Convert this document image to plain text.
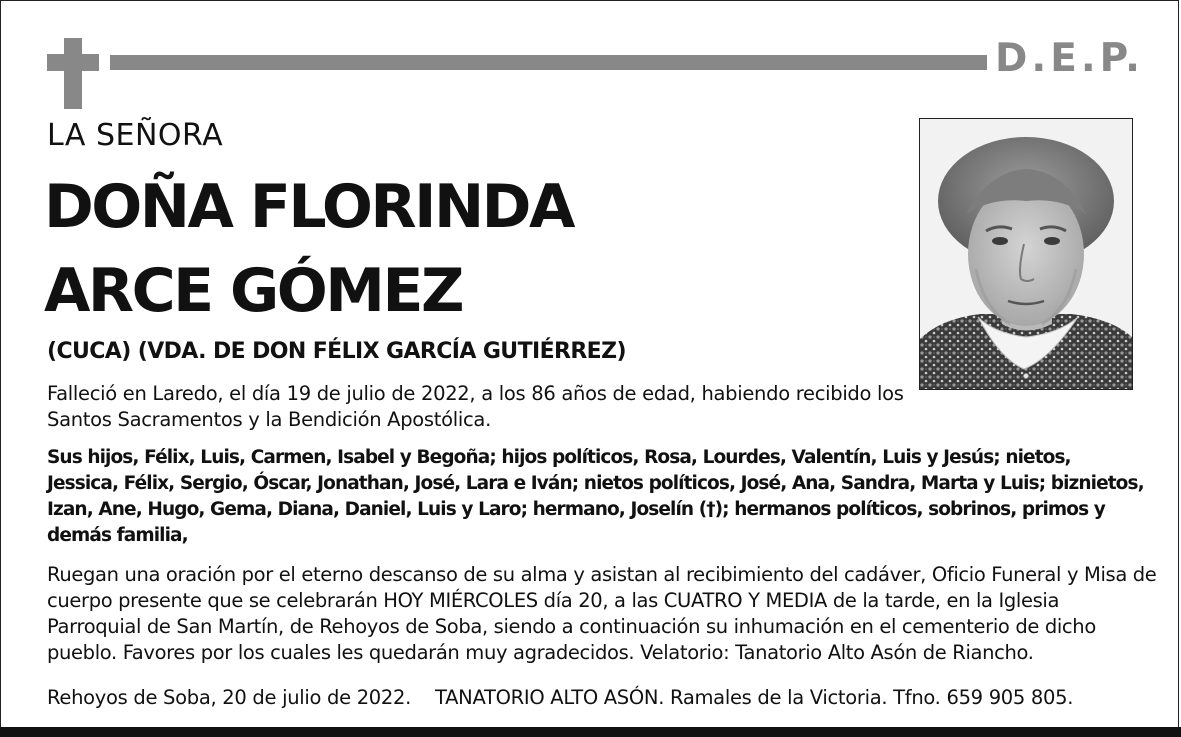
D.E.P.
LA SEÑORA
DOÑA FLORINDA
ARCE GÓMEZ
(CUCA) (VDA. DE DON FÉLIX GARCÍA GUTIÉRREZ)
Falleció en Laredo, el día 19 de julio de 2022, a los 86 años de edad, habiendo recibido los Santos Sacramentos y la Bendición Apostólica.
Sus hijos, Félix, Luis, Carmen, Isabel y Begoña; hijos políticos, Rosa, Lourdes, Valentín, Luis y Jesús; nietos, Jessica, Félix, Sergio, Óscar, Jonathan, José, Lara e Iván; nietos políticos, José, Ana, Sandra, Marta y Luis; biznietos, Izan, Ane, Hugo, Gema, Diana, Daniel, Luis y Laro; hermano, Joselín (†); hermanos políticos, sobrinos, primos y demás familia,
Ruegan una oración por el eterno descanso de su alma y asistan al recibimiento del cadáver, Oficio Funeral y Misa de cuerpo presente que se celebrarán HOY MIÉRCOLES día 20, a las CUATRO Y MEDIA de la tarde, en la Iglesia Parroquial de San Martín, de Rehoyos de Soba, siendo a continuación su inhumación en el cementerio de dicho pueblo. Favores por los cuales les quedarán muy agradecidos. Velatorio: Tanatorio Alto Asón de Riancho.
Rehoyos de Soba, 20 de julio de 2022. TANATORIO ALTO ASÓN. Ramales de la Victoria. Tfno. 659 905 805.
